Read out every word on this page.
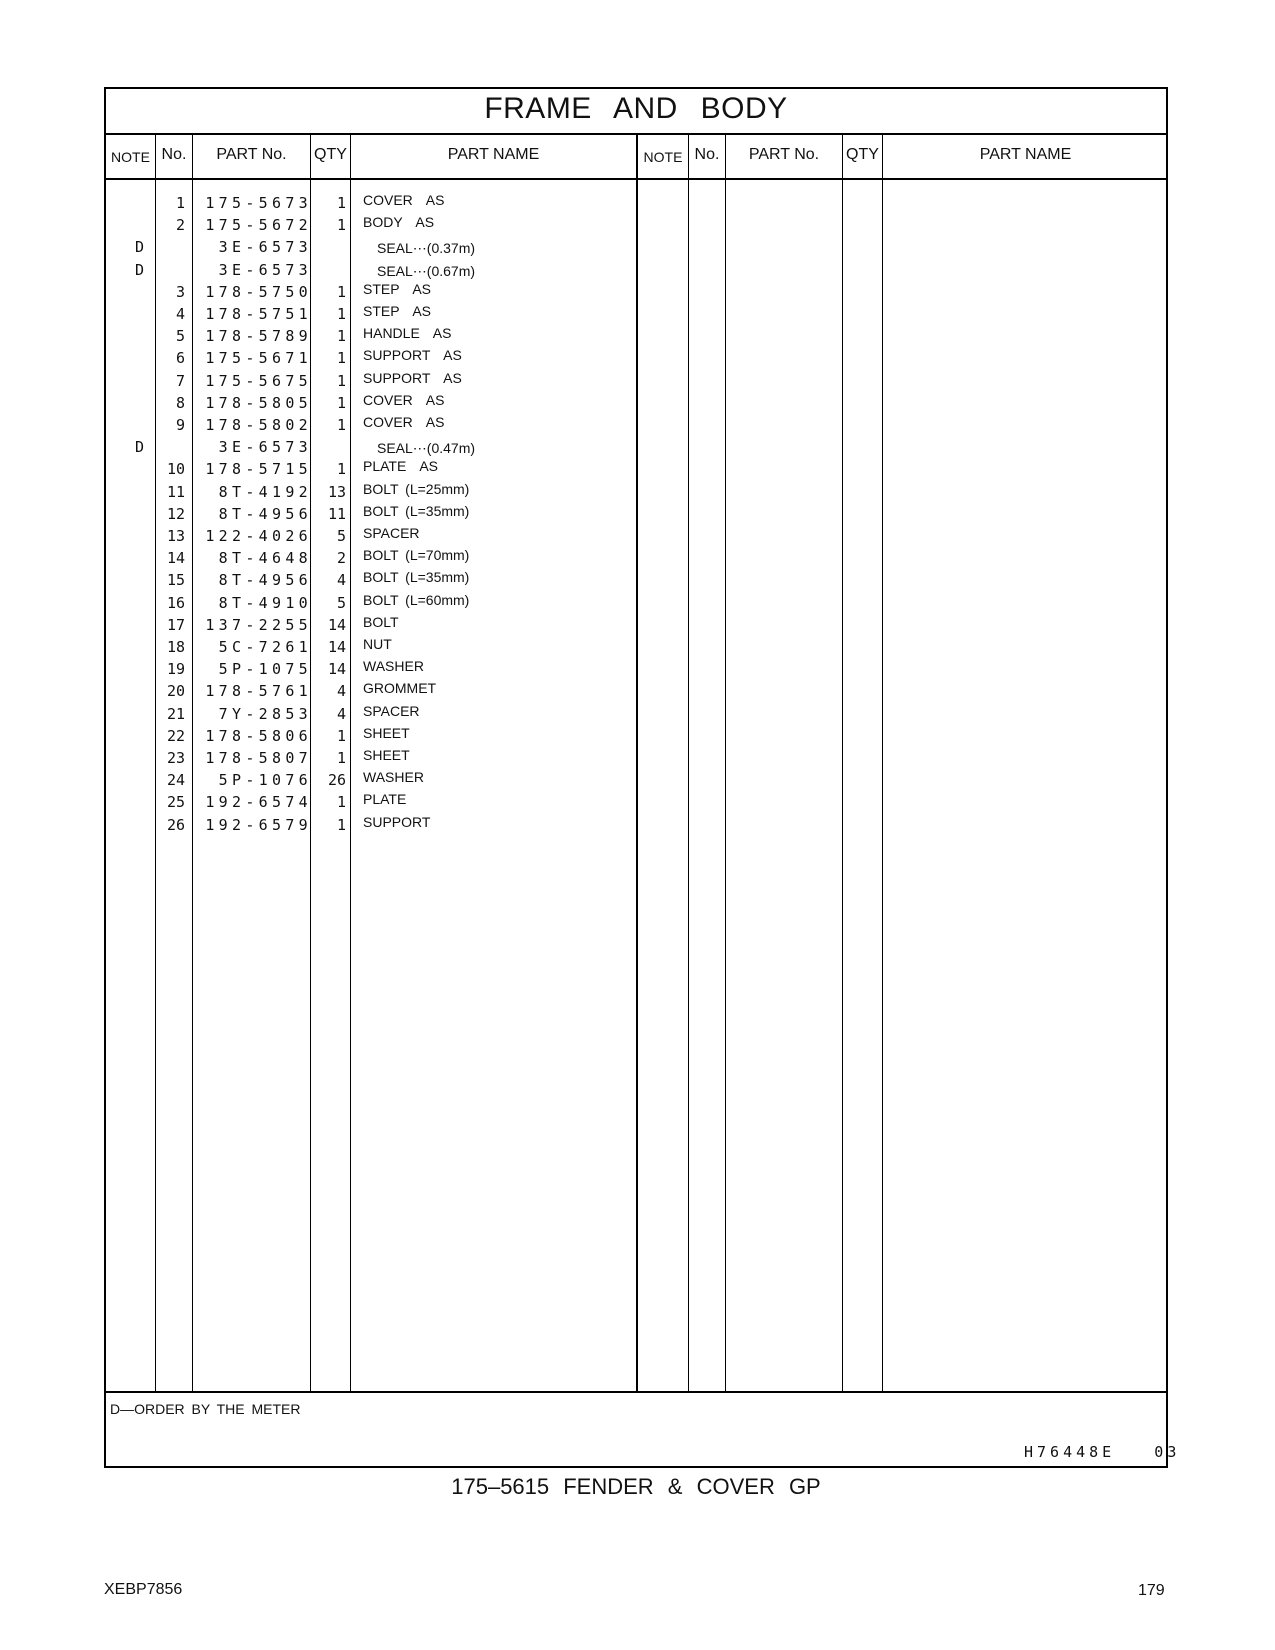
FRAME AND BODY
NOTE No.	PART No.	QTY	PART NAME	NOTE No.	PART No.	QTY	PART NAME
1	175-5673	1 COVER  AS
2	175-5672	1 BODY  AS
D	3E-6573	SEAL⋯(0.37m)
D	3E-6573	SEAL⋯(0.67m)
3	178-5750	1 STEP  AS
4	178-5751	1 STEP  AS
5	178-5789	1 HANDLE  AS
6	175-5671	1 SUPPORT  AS
7	175-5675	1 SUPPORT  AS
8	178-5805	1 COVER  AS
9	178-5802	1 COVER  AS
D	3E-6573	SEAL⋯(0.47m)
10	178-5715	1 PLATE  AS
11	8T-4192	13 BOLT (L=25mm)
12	8T-4956	11 BOLT (L=35mm)
13	122-4026	5 SPACER
14	8T-4648	2 BOLT (L=70mm)
15	8T-4956	4 BOLT (L=35mm)
16	8T-4910	5 BOLT (L=60mm)
17	137-2255	14 BOLT
18	5C-7261	14 NUT
19	5P-1075	14 WASHER
20	178-5761	4 GROMMET
21	7Y-2853	4 SPACER
22	178-5806	1 SHEET
23	178-5807	1 SHEET
24	5P-1076	26 WASHER
25	192-6574	1 PLATE
26	192-6579	1 SUPPORT
D—ORDER BY THE METER
H76448E   03
175–5615 FENDER & COVER GP
XEBP7856	179
